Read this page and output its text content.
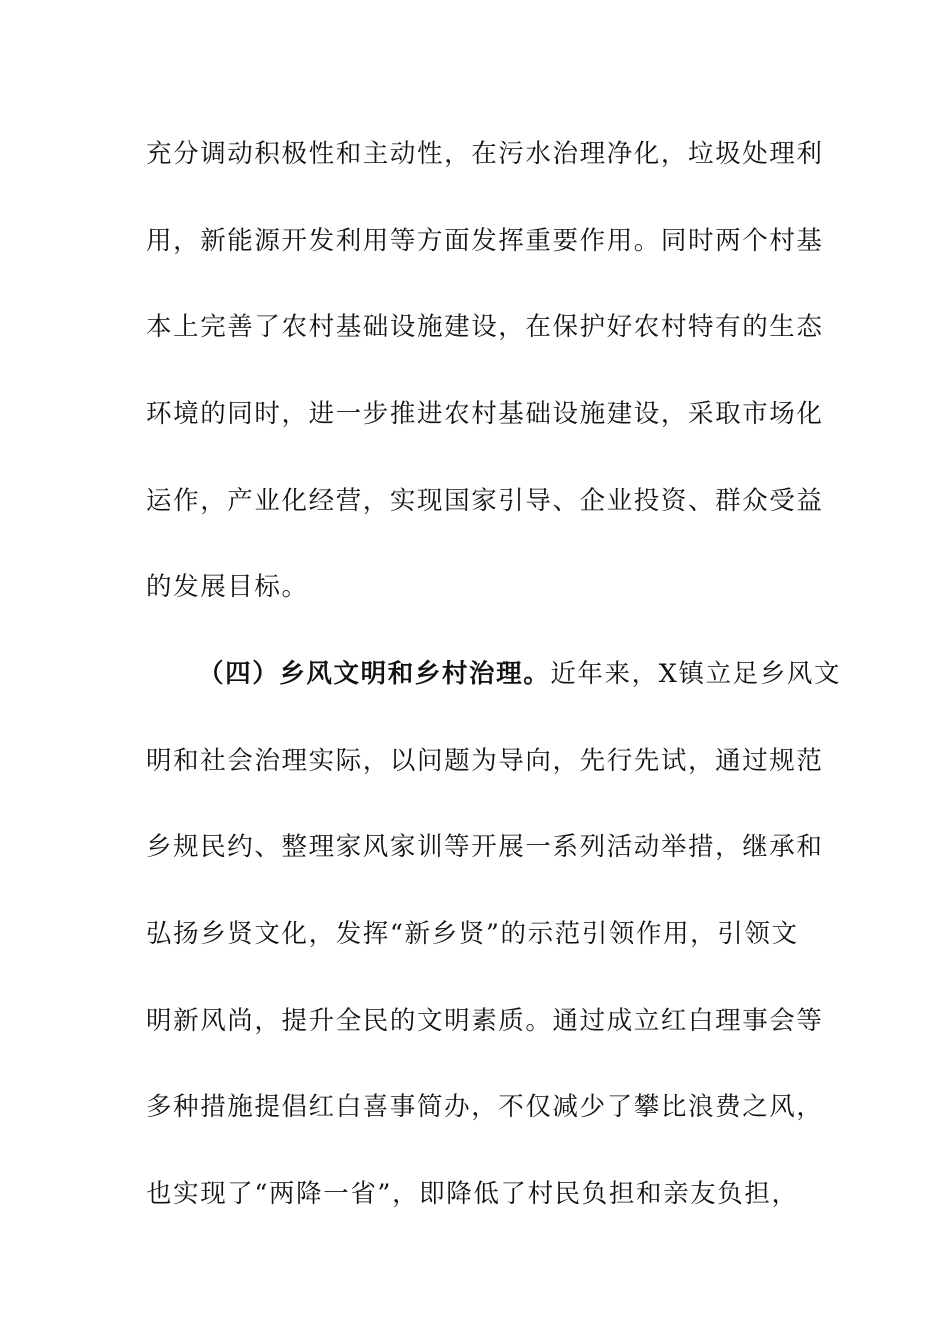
充分调动积极性和主动性，在污水治理净化，垃圾处理利
用，新能源开发利用等方面发挥重要作用。同时两个村基
本上完善了农村基础设施建设，在保护好农村特有的生态
环境的同时，进一步推进农村基础设施建设，采取市场化
运作，产业化经营，实现国家引导、企业投资、群众受益
的发展目标。
（四）乡风文明和乡村治理。近年来，X镇立足乡风文
明和社会治理实际，以问题为导向，先行先试，通过规范
乡规民约、整理家风家训等开展一系列活动举措，继承和
弘扬乡贤文化，发挥“新乡贤”的示范引领作用，引领文
明新风尚，提升全民的文明素质。通过成立红白理事会等
多种措施提倡红白喜事简办，不仅减少了攀比浪费之风，
也实现了“两降一省”，即降低了村民负担和亲友负担，
